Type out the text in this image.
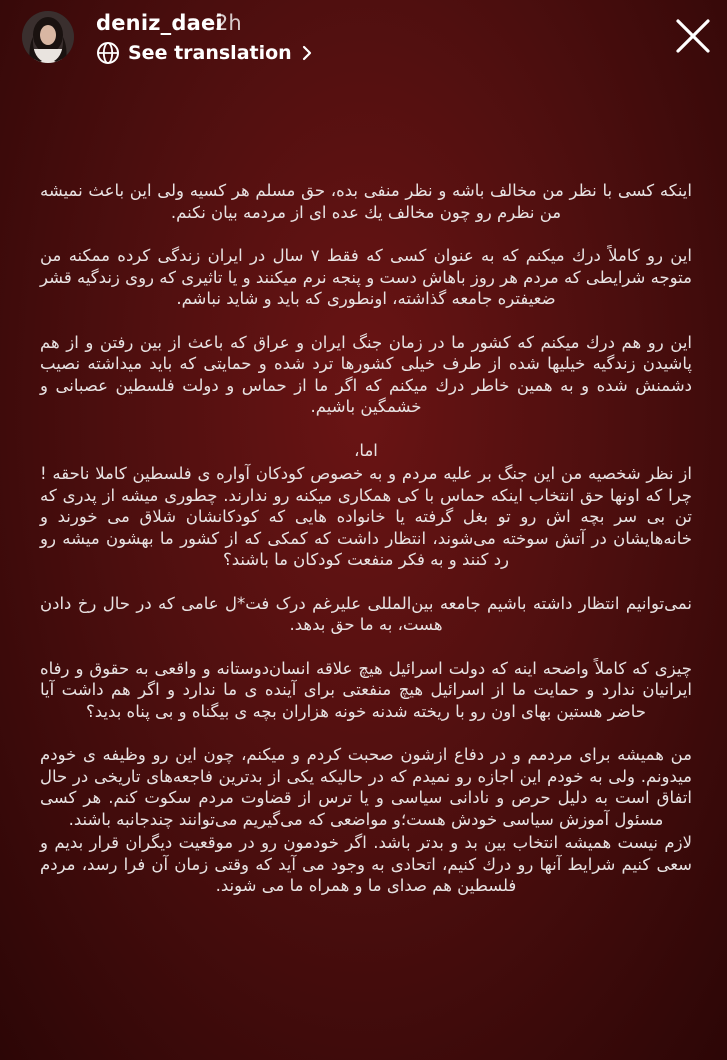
deniz_daei
2h
See translation

اینکه کسی با نظر من مخالف باشه و نظر منفی بده، حق مسلم هر کسیه ولی این باعث نمیشه من نظرم رو چون مخالف یك عده ای از مردمه بیان نکنم.

این رو کاملاً درك میکنم که به عنوان کسی که فقط ۷ سال در ایران زندگی کرده ممکنه من متوجه شرایطی که مردم هر روز باهاش دست و پنجه نرم میکنند و یا تاثیری که روی زندگیه قشر ضعیفتره جامعه گذاشته، اونطوری که باید و شاید نباشم.

این رو هم درك میکنم که کشور ما در زمان جنگ ایران و عراق که باعث از بین رفتن و از هم پاشیدن زندگیه خیلیها شده از طرف خیلی کشورها ترد شده و حمایتی که باید میداشته نصیب دشمنش شده و به همین خاطر درك میکنم که اگر ما از حماس و دولت فلسطین عصبانی و خشمگین باشیم.

اما،

از نظر شخصیه من این جنگ بر علیه مردم و به خصوص کودکان آواره ی فلسطین کاملا ناحقه ! چرا که اونها حق انتخاب اینکه حماس با کی همکاری میکنه رو ندارند. چطوری میشه از پدری که تن بی سر بچه اش رو تو بغل گرفته یا خانواده هایی که کودکانشان شلاق می خورند و خانه‌هایشان در آتش سوخته می‌شوند، انتظار داشت که کمکی که از کشور ما بهشون میشه رو رد کنند و به فکر منفعت کودکان ما باشند؟

نمی‌توانیم انتظار داشته باشیم جامعه بین‌المللی علیرغم درک فت*ل عامی که در حال رخ دادن هست، به ما حق بدهد.

چیزی که کاملاً واضحه اینه که دولت اسرائیل هیچ علاقه انسان‌دوستانه و واقعی به حقوق و رفاه ایرانیان ندارد و حمایت ما از اسرائیل هیچ منفعتی برای آینده ی ما ندارد و اگر هم داشت آیا حاضر هستین بهای اون رو با ریخته شدنه خونه هزاران بچه ی بیگناه و بی پناه بدید؟

من همیشه برای مردمم و در دفاع ازشون صحبت کردم و میکنم، چون این رو وظیفه ی خودم میدونم. ولی به خودم این اجازه رو نمیدم که در حالیکه یکی از بدترین فاجعه‌های تاریخی در حال اتفاق است به دلیل حرص و نادانی سیاسی و یا ترس از قضاوت مردم سکوت کنم. هر کسی مسئول آموزش سیاسی خودش هست؛و مواضعی که می‌گیریم می‌توانند چندجانبه باشند.

لازم نیست همیشه انتخاب بین بد و بدتر باشد. اگر خودمون رو در موقعیت دیگران قرار بدیم و سعی کنیم شرایط آنها رو درك کنیم، اتحادی به وجود می آید که وقتی زمان آن فرا رسد، مردم فلسطین هم صدای ما و همراه ما می شوند.
